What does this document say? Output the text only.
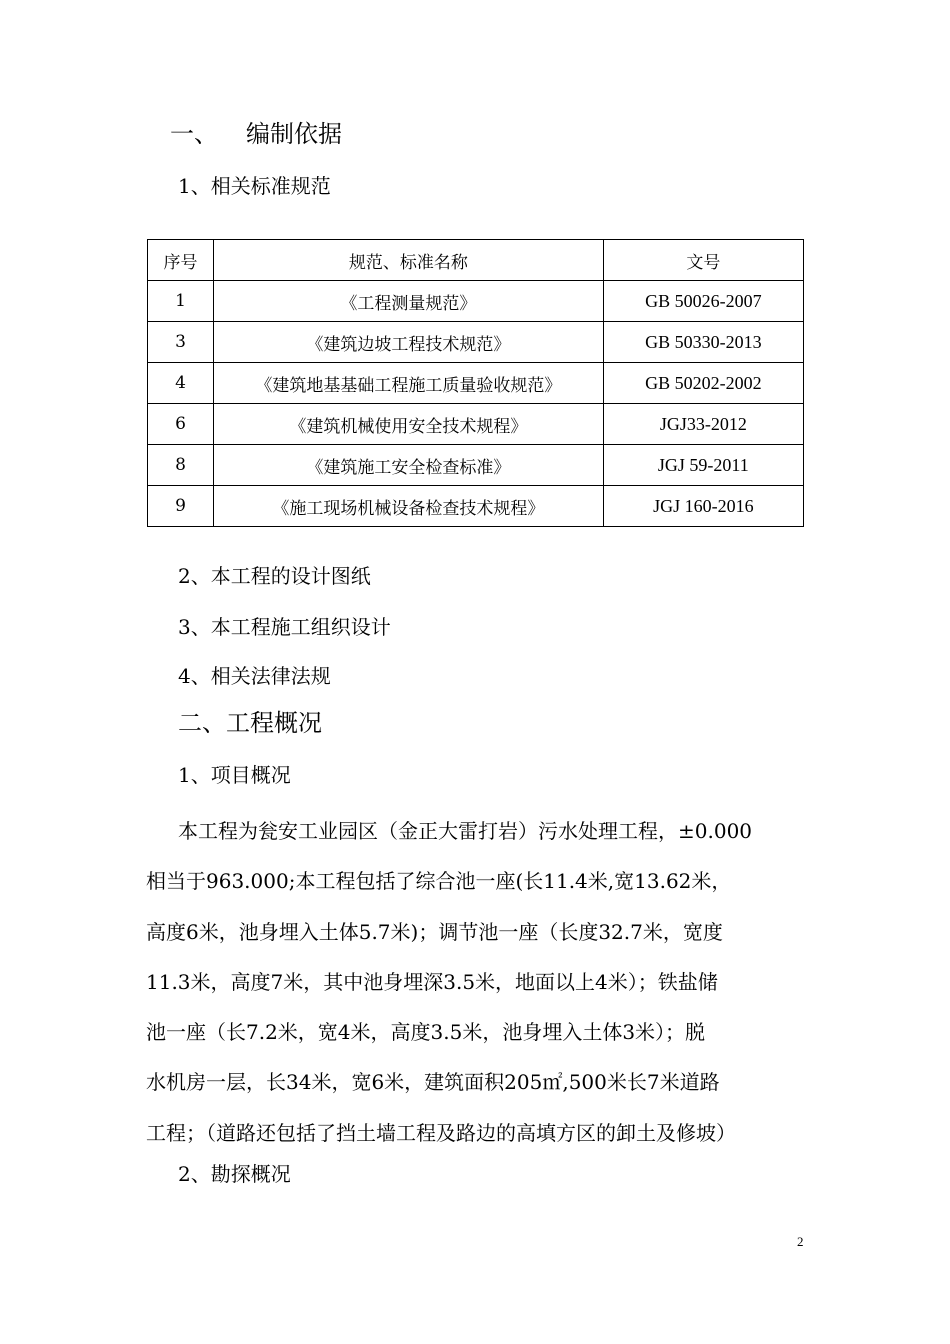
一、 编制依据
1、相关标准规范
序号	规范、标准名称	文号
1	《工程测量规范》	GB 50026-2007
3	《建筑边坡工程技术规范》	GB 50330-2013
4	《建筑地基基础工程施工质量验收规范》	GB 50202-2002
6	《建筑机械使用安全技术规程》	JGJ33-2012
8	《建筑施工安全检查标准》	JGJ 59-2011
9	《施工现场机械设备检查技术规程》	JGJ 160-2016
2、本工程的设计图纸
3、本工程施工组织设计
4、相关法律法规
二、工程概况
1、项目概况
本工程为瓮安工业园区（金正大雷打岩）污水处理工程，±0.000
相当于963.000;本工程包括了综合池一座(长11.4米,宽13.62米，
高度6米，池身埋入土体5.7米)；调节池一座（长度32.7米，宽度
11.3米，高度7米，其中池身埋深3.5米，地面以上4米）；铁盐储
池一座（长7.2米，宽4米，高度3.5米，池身埋入土体3米）；脱
水机房一层，长34米，宽6米，建筑面积205㎡,500米长7米道路
工程；（道路还包括了挡土墙工程及路边的高填方区的卸土及修坡）
2、勘探概况
2
